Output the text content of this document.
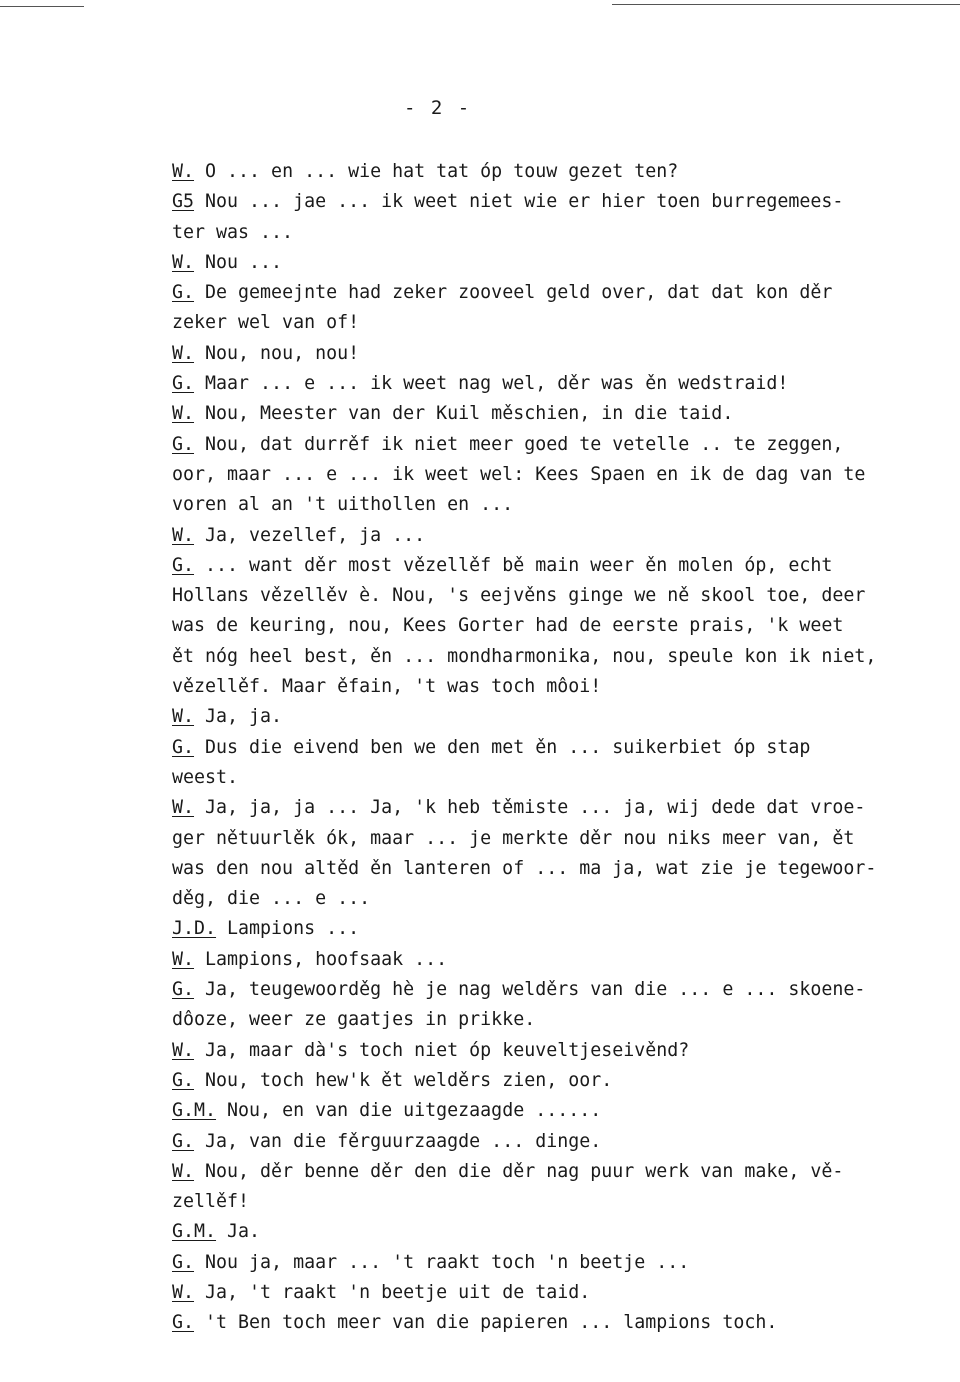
- 2 -
W. O ... en ... wie hat tat óp touw gezet ten?
G5 Nou ... jae ... ik weet niet wie er hier toen burregemees-
ter was ...
W. Nou ...
G. De gemeejnte had zeker zooveel geld over, dat dat kon děr
zeker wel van of!
W. Nou, nou, nou!
G. Maar ... e ... ik weet nag wel, děr was ěn wedstraid!
W. Nou, Meester van der Kuil měschien, in die taid.
G. Nou, dat durrěf ik niet meer goed te vetelle .. te zeggen,
oor, maar ... e ... ik weet wel: Kees Spaen en ik de dag van te
voren al an 't uithollen en ...
W. Ja, vezellef, ja ...
G. ... want děr most vězellěf bě main weer ěn molen óp, echt
Hollans vězellěv è. Nou, 's eejvěns ginge we ně skool toe, deer
was de keuring, nou, Kees Gorter had de eerste prais, 'k weet
ět nóg heel best, ěn ... mondharmonika, nou, speule kon ik niet,
vězellěf. Maar ěfain, 't was toch môoi!
W. Ja, ja.
G. Dus die eivend ben we den met ěn ... suikerbiet óp stap
weest.
W. Ja, ja, ja ... Ja, 'k heb těmiste ... ja, wij dede dat vroe-
ger nětuurlěk ók, maar ... je merkte děr nou niks meer van, ět
was den nou altěd ěn lanteren of ... ma ja, wat zie je tegewoor-
děg, die ... e ...
J.D. Lampions ...
W. Lampions, hoofsaak ...
G. Ja, teugewoorděg hè je nag welděrs van die ... e ... skoene-
dôoze, weer ze gaatjes in prikke.
W. Ja, maar dà's toch niet óp keuveltjeseivěnd?
G. Nou, toch hew'k ět welděrs zien, oor.
G.M. Nou, en van die uitgezaagde ......
G. Ja, van die fěrguurzaagde ... dinge.
W. Nou, děr benne děr den die děr nag puur werk van make, vě-
zellěf!
G.M. Ja.
G. Nou ja, maar ... 't raakt toch 'n beetje ...
W. Ja, 't raakt 'n beetje uit de taid.
G. 't Ben toch meer van die papieren ... lampions toch.
